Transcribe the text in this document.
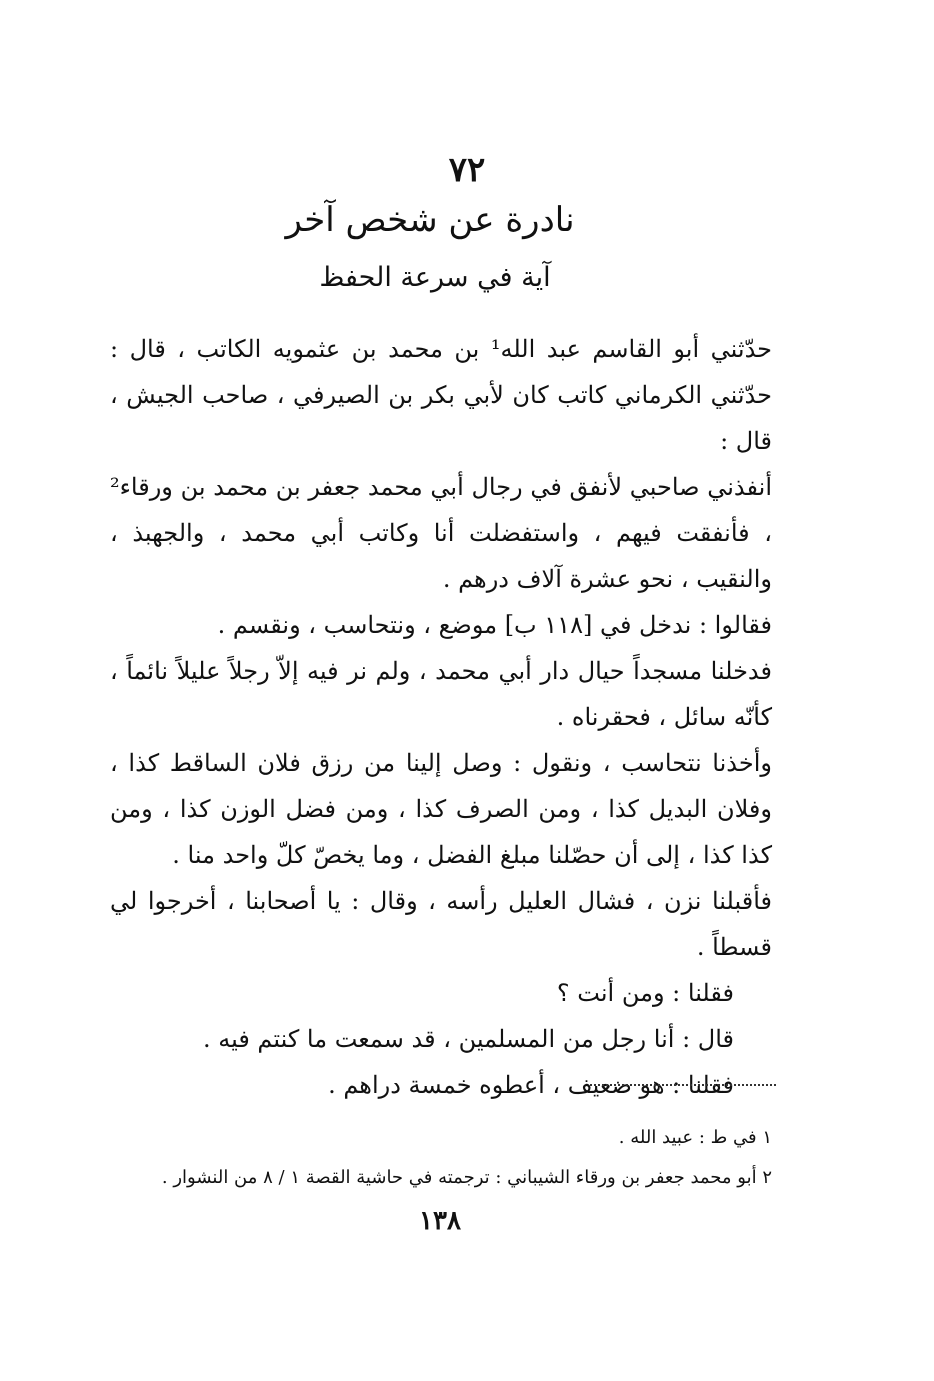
٧٢
نادرة عن شخص آخر
آية في سرعة الحفظ

حدّثني أبو القاسم عبد الله¹ بن محمد بن عثمويه الكاتب ، قال : حدّثني الكرماني كاتب كان لأبي بكر بن الصيرفي ، صاحب الجيش ، قال :

أنفذني صاحبي لأنفق في رجال أبي محمد جعفر بن محمد بن ورقاء² ، فأنفقت فيهم ، واستفضلت أنا وكاتب أبي محمد ، والجهبذ ، والنقيب ، نحو عشرة آلاف درهم .

فقالوا : ندخل في [١١٨ ب] موضع ، ونتحاسب ، ونقسم .

فدخلنا مسجداً حيال دار أبي محمد ، ولم نر فيه إلاّ رجلاً عليلاً نائماً ، كأنّه سائل ، فحقرناه .

وأخذنا نتحاسب ، ونقول : وصل إلينا من رزق فلان الساقط كذا ، وفلان البديل كذا ، ومن الصرف كذا ، ومن فضل الوزن كذا ، ومن كذا كذا ، إلى أن حصّلنا مبلغ الفضل ، وما يخصّ كلّ واحد منا .

فأقبلنا نزن ، فشال العليل رأسه ، وقال : يا أصحابنا ، أخرجوا لي قسطاً .

فقلنا : ومن أنت ؟

قال : أنا رجل من المسلمين ، قد سمعت ما كنتم فيه .

فقلنا : هو ضعيف ، أعطوه خمسة دراهم .

١ في ط : عبيد الله .
٢ أبو محمد جعفر بن ورقاء الشيباني : ترجمته في حاشية القصة ١ / ٨ من النشوار .
١٣٨
